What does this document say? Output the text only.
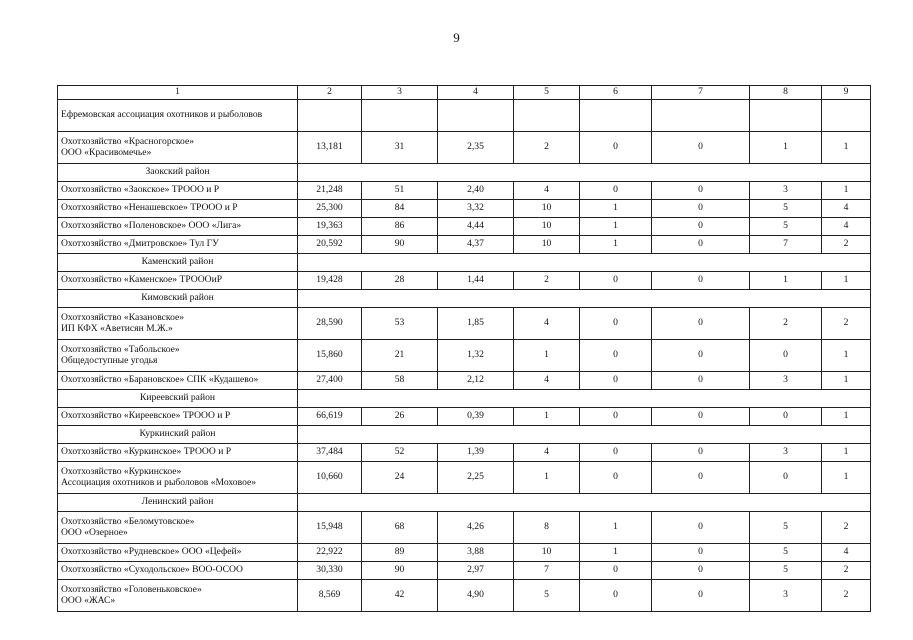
9
1	2	3	4	5	6	7	8	9
Ефремовская ассоциация охотников и рыболовов								
Охотхозяйство «Красногорское»
ООО «Красивомечье»	13,181	31	2,35	2	0	0	1	1
Заокский район								
Охотхозяйство «Заокское» ТРООО и Р	21,248	51	2,40	4	0	0	3	1
Охотхозяйство «Ненашевское» ТРООО и Р	25,300	84	3,32	10	1	0	5	4
Охотхозяйство «Поленовское» ООО «Лига»	19,363	86	4,44	10	1	0	5	4
Охотхозяйство «Дмитровское» Тул ГУ	20,592	90	4,37	10	1	0	7	2
Каменский район								
Охотхозяйство «Каменское» ТРОООиР	19,428	28	1,44	2	0	0	1	1
Кимовский район								
Охотхозяйство «Казановское»
ИП КФХ «Аветисян М.Ж.»	28,590	53	1,85	4	0	0	2	2
Охотхозяйство «Табольское»
Общедоступные угодья	15,860	21	1,32	1	0	0	0	1
Охотхозяйство «Барановское» СПК «Кудашево»	27,400	58	2,12	4	0	0	3	1
Киреевский район								
Охотхозяйство «Киреевское» ТРООО и Р	66,619	26	0,39	1	0	0	0	1
Куркинский район								
Охотхозяйство «Куркинское» ТРООО и Р	37,484	52	1,39	4	0	0	3	1
Охотхозяйство «Куркинское»
Ассоциация охотников и рыболовов «Моховое»	10,660	24	2,25	1	0	0	0	1
Ленинский район								
Охотхозяйство «Беломутовское»
ООО «Озерное»	15,948	68	4,26	8	1	0	5	2
Охотхозяйство «Рудневское» ООО «Цефей»	22,922	89	3,88	10	1	0	5	4
Охотхозяйство «Суходольское» ВОО-ОСОО	30,330	90	2,97	7	0	0	5	2
Охотхозяйство «Головеньковское»
ООО «ЖАС»	8,569	42	4,90	5	0	0	3	2
